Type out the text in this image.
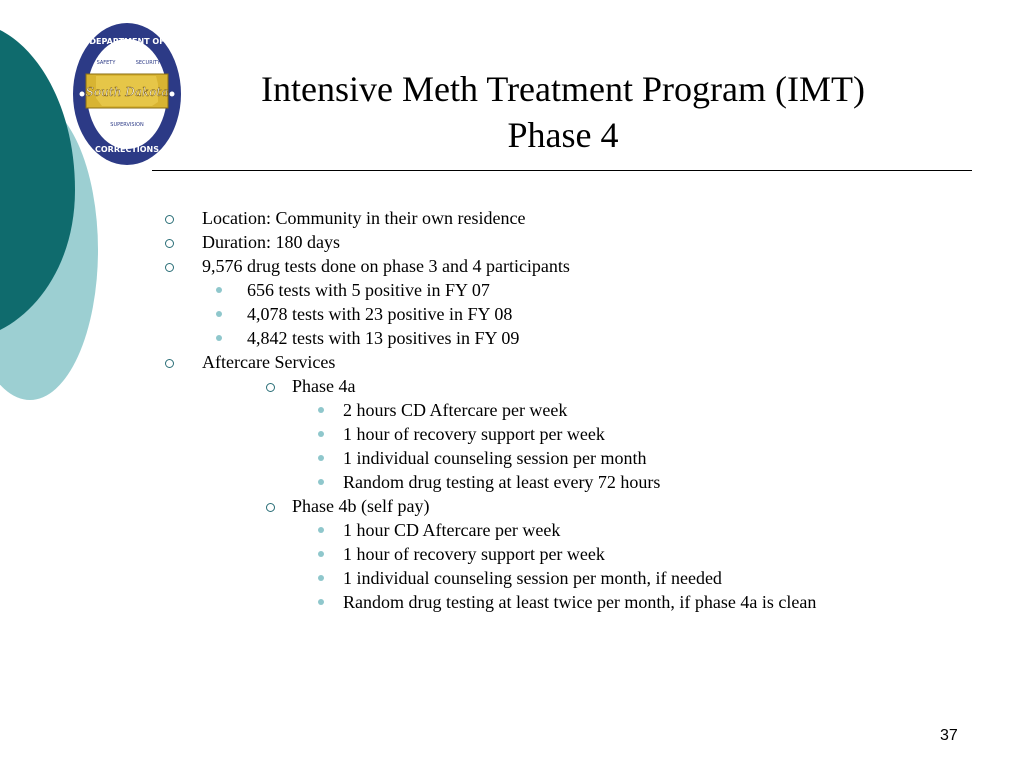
South Dakota
DEPARTMENT OF
SAFETY	SECURITY
SUPERVISION
CORRECTIONS
Intensive Meth Treatment Program (IMT)
Phase 4
Location: Community in their own residence
Duration: 180 days
9,576 drug tests done on phase 3 and 4 participants
656 tests with 5 positive in FY 07
4,078 tests with 23 positive in FY 08
4,842 tests with 13 positives in FY 09
Aftercare Services
Phase 4a
2 hours CD Aftercare per week
1 hour of recovery support per week
1 individual counseling session per month
Random drug testing at least every 72 hours
Phase 4b (self pay)
1 hour CD Aftercare per week
1 hour of recovery support per week
1 individual counseling session per month, if needed
Random drug testing at least twice per month, if phase 4a is clean
37
